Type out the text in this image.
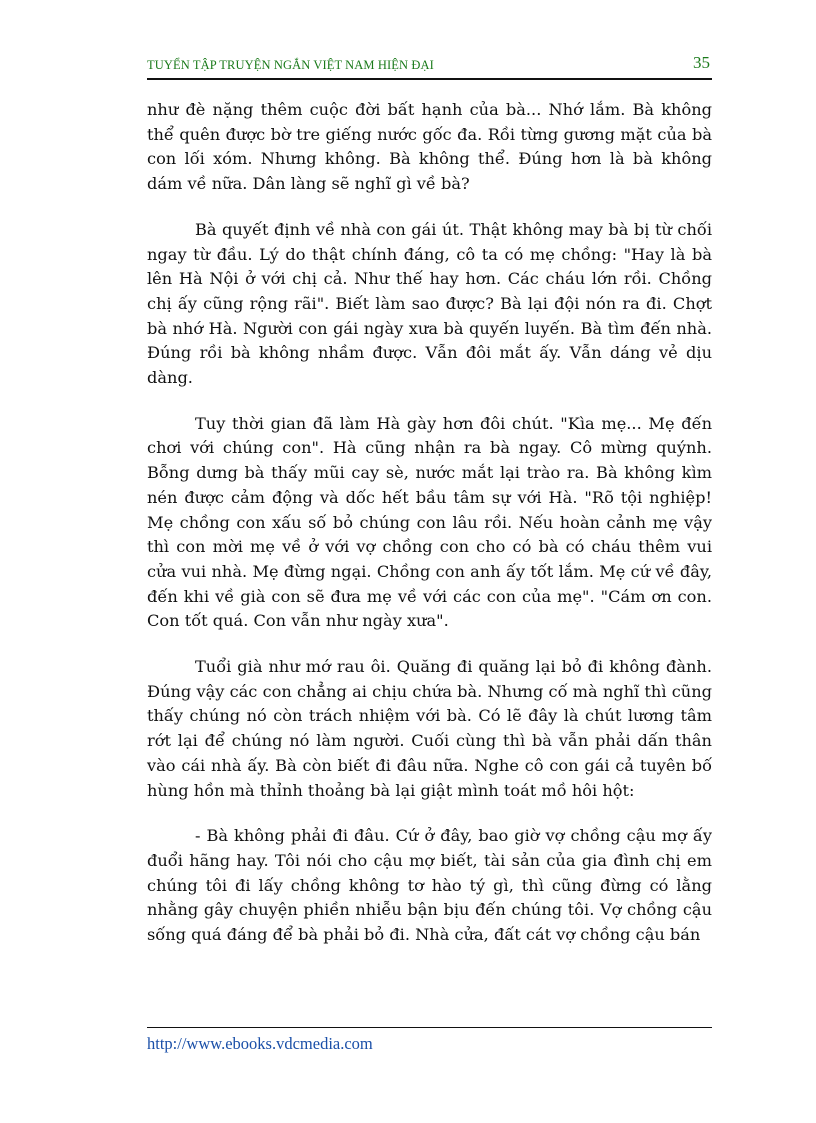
TUYỂN TẬP TRUYỆN NGẮN VIỆT NAM HIỆN ĐẠI	35

như đè nặng thêm cuộc đời bất hạnh của bà... Nhớ lắm. Bà không thể quên được bờ tre giếng nước gốc đa. Rồi từng gương mặt của bà con lối xóm. Nhưng không. Bà không thể. Đúng hơn là bà không dám về nữa. Dân làng sẽ nghĩ gì về bà?

Bà quyết định về nhà con gái út. Thật không may bà bị từ chối ngay từ đầu. Lý do thật chính đáng, cô ta có mẹ chồng: "Hay là bà lên Hà Nội ở với chị cả. Như thế hay hơn. Các cháu lớn rồi. Chồng chị ấy cũng rộng rãi". Biết làm sao được? Bà lại đội nón ra đi. Chợt bà nhớ Hà. Người con gái ngày xưa bà quyến luyến. Bà tìm đến nhà. Đúng rồi bà không nhầm được. Vẫn đôi mắt ấy. Vẫn dáng vẻ dịu dàng.

Tuy thời gian đã làm Hà gày hơn đôi chút. "Kìa mẹ... Mẹ đến chơi với chúng con". Hà cũng nhận ra bà ngay. Cô mừng quýnh. Bỗng dưng bà thấy mũi cay sè, nước mắt lại trào ra. Bà không kìm nén được cảm động và dốc hết bầu tâm sự với Hà. "Rõ tội nghiệp! Mẹ chồng con xấu số bỏ chúng con lâu rồi. Nếu hoàn cảnh mẹ vậy thì con mời mẹ về ở với vợ chồng con cho có bà có cháu thêm vui cửa vui nhà. Mẹ đừng ngại. Chồng con anh ấy tốt lắm. Mẹ cứ về đây, đến khi về già con sẽ đưa mẹ về với các con của mẹ". "Cám ơn con. Con tốt quá. Con vẫn như ngày xưa".

Tuổi già như mớ rau ôi. Quăng đi quăng lại bỏ đi không đành. Đúng vậy các con chẳng ai chịu chứa bà. Nhưng cố mà nghĩ thì cũng thấy chúng nó còn trách nhiệm với bà. Có lẽ đây là chút lương tâm rớt lại để chúng nó làm người. Cuối cùng thì bà vẫn phải dấn thân vào cái nhà ấy. Bà còn biết đi đâu nữa. Nghe cô con gái cả tuyên bố hùng hồn mà thỉnh thoảng bà lại giật mình toát mồ hôi hột:

- Bà không phải đi đâu. Cứ ở đây, bao giờ vợ chồng cậu mợ ấy đuổi hãng hay. Tôi nói cho cậu mợ biết, tài sản của gia đình chị em chúng tôi đi lấy chồng không tơ hào tý gì, thì cũng đừng có lằng nhằng gây chuyện phiền nhiễu bận bịu đến chúng tôi. Vợ chồng cậu sống quá đáng để bà phải bỏ đi. Nhà cửa, đất cát vợ chồng cậu bán

http://www.ebooks.vdcmedia.com
